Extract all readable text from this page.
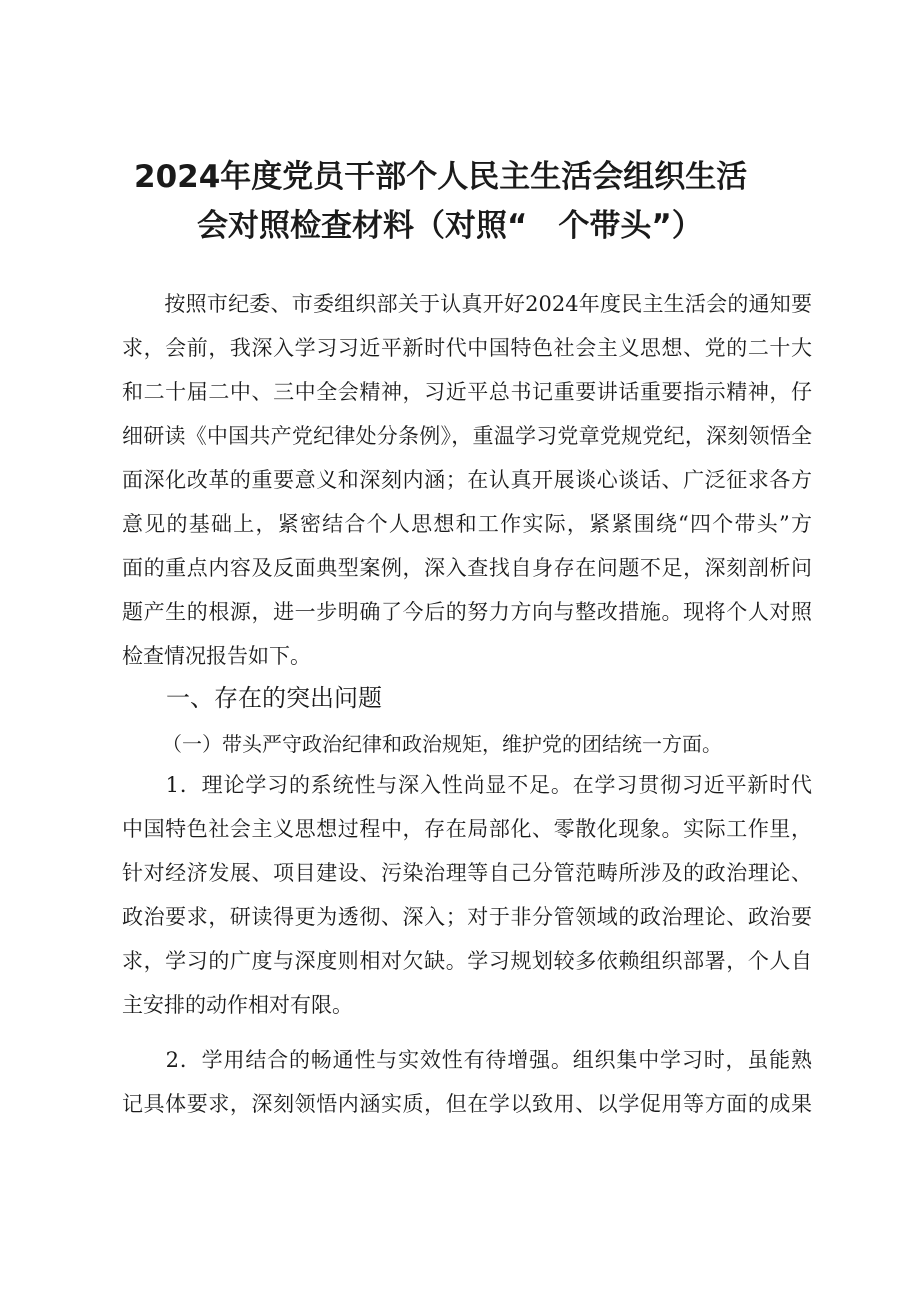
2024年度党员干部个人民主生活会组织生活
会对照检查材料（对照“　个带头”）
　　按照市纪委、市委组织部关于认真开好2024年度民主生活会的通知要
求，会前，我深入学习习近平新时代中国特色社会主义思想、党的二十大
和二十届二中、三中全会精神，习近平总书记重要讲话重要指示精神，仔
细研读《中国共产党纪律处分条例》，重温学习党章党规党纪，深刻领悟全
面深化改革的重要意义和深刻内涵；在认真开展谈心谈话、广泛征求各方
意见的基础上，紧密结合个人思想和工作实际，紧紧围绕“四个带头”方
面的重点内容及反面典型案例，深入查找自身存在问题不足，深刻剖析问
题产生的根源，进一步明确了今后的努力方向与整改措施。现将个人对照
检查情况报告如下。
一、存在的突出问题
（一）带头严守政治纪律和政治规矩，维护党的团结统一方面。
　　1．理论学习的系统性与深入性尚显不足。在学习贯彻习近平新时代
中国特色社会主义思想过程中，存在局部化、零散化现象。实际工作里，
针对经济发展、项目建设、污染治理等自己分管范畴所涉及的政治理论、
政治要求，研读得更为透彻、深入；对于非分管领域的政治理论、政治要
求，学习的广度与深度则相对欠缺。学习规划较多依赖组织部署，个人自
主安排的动作相对有限。
　　2．学用结合的畅通性与实效性有待增强。组织集中学习时，虽能熟
记具体要求，深刻领悟内涵实质，但在学以致用、以学促用等方面的成果
